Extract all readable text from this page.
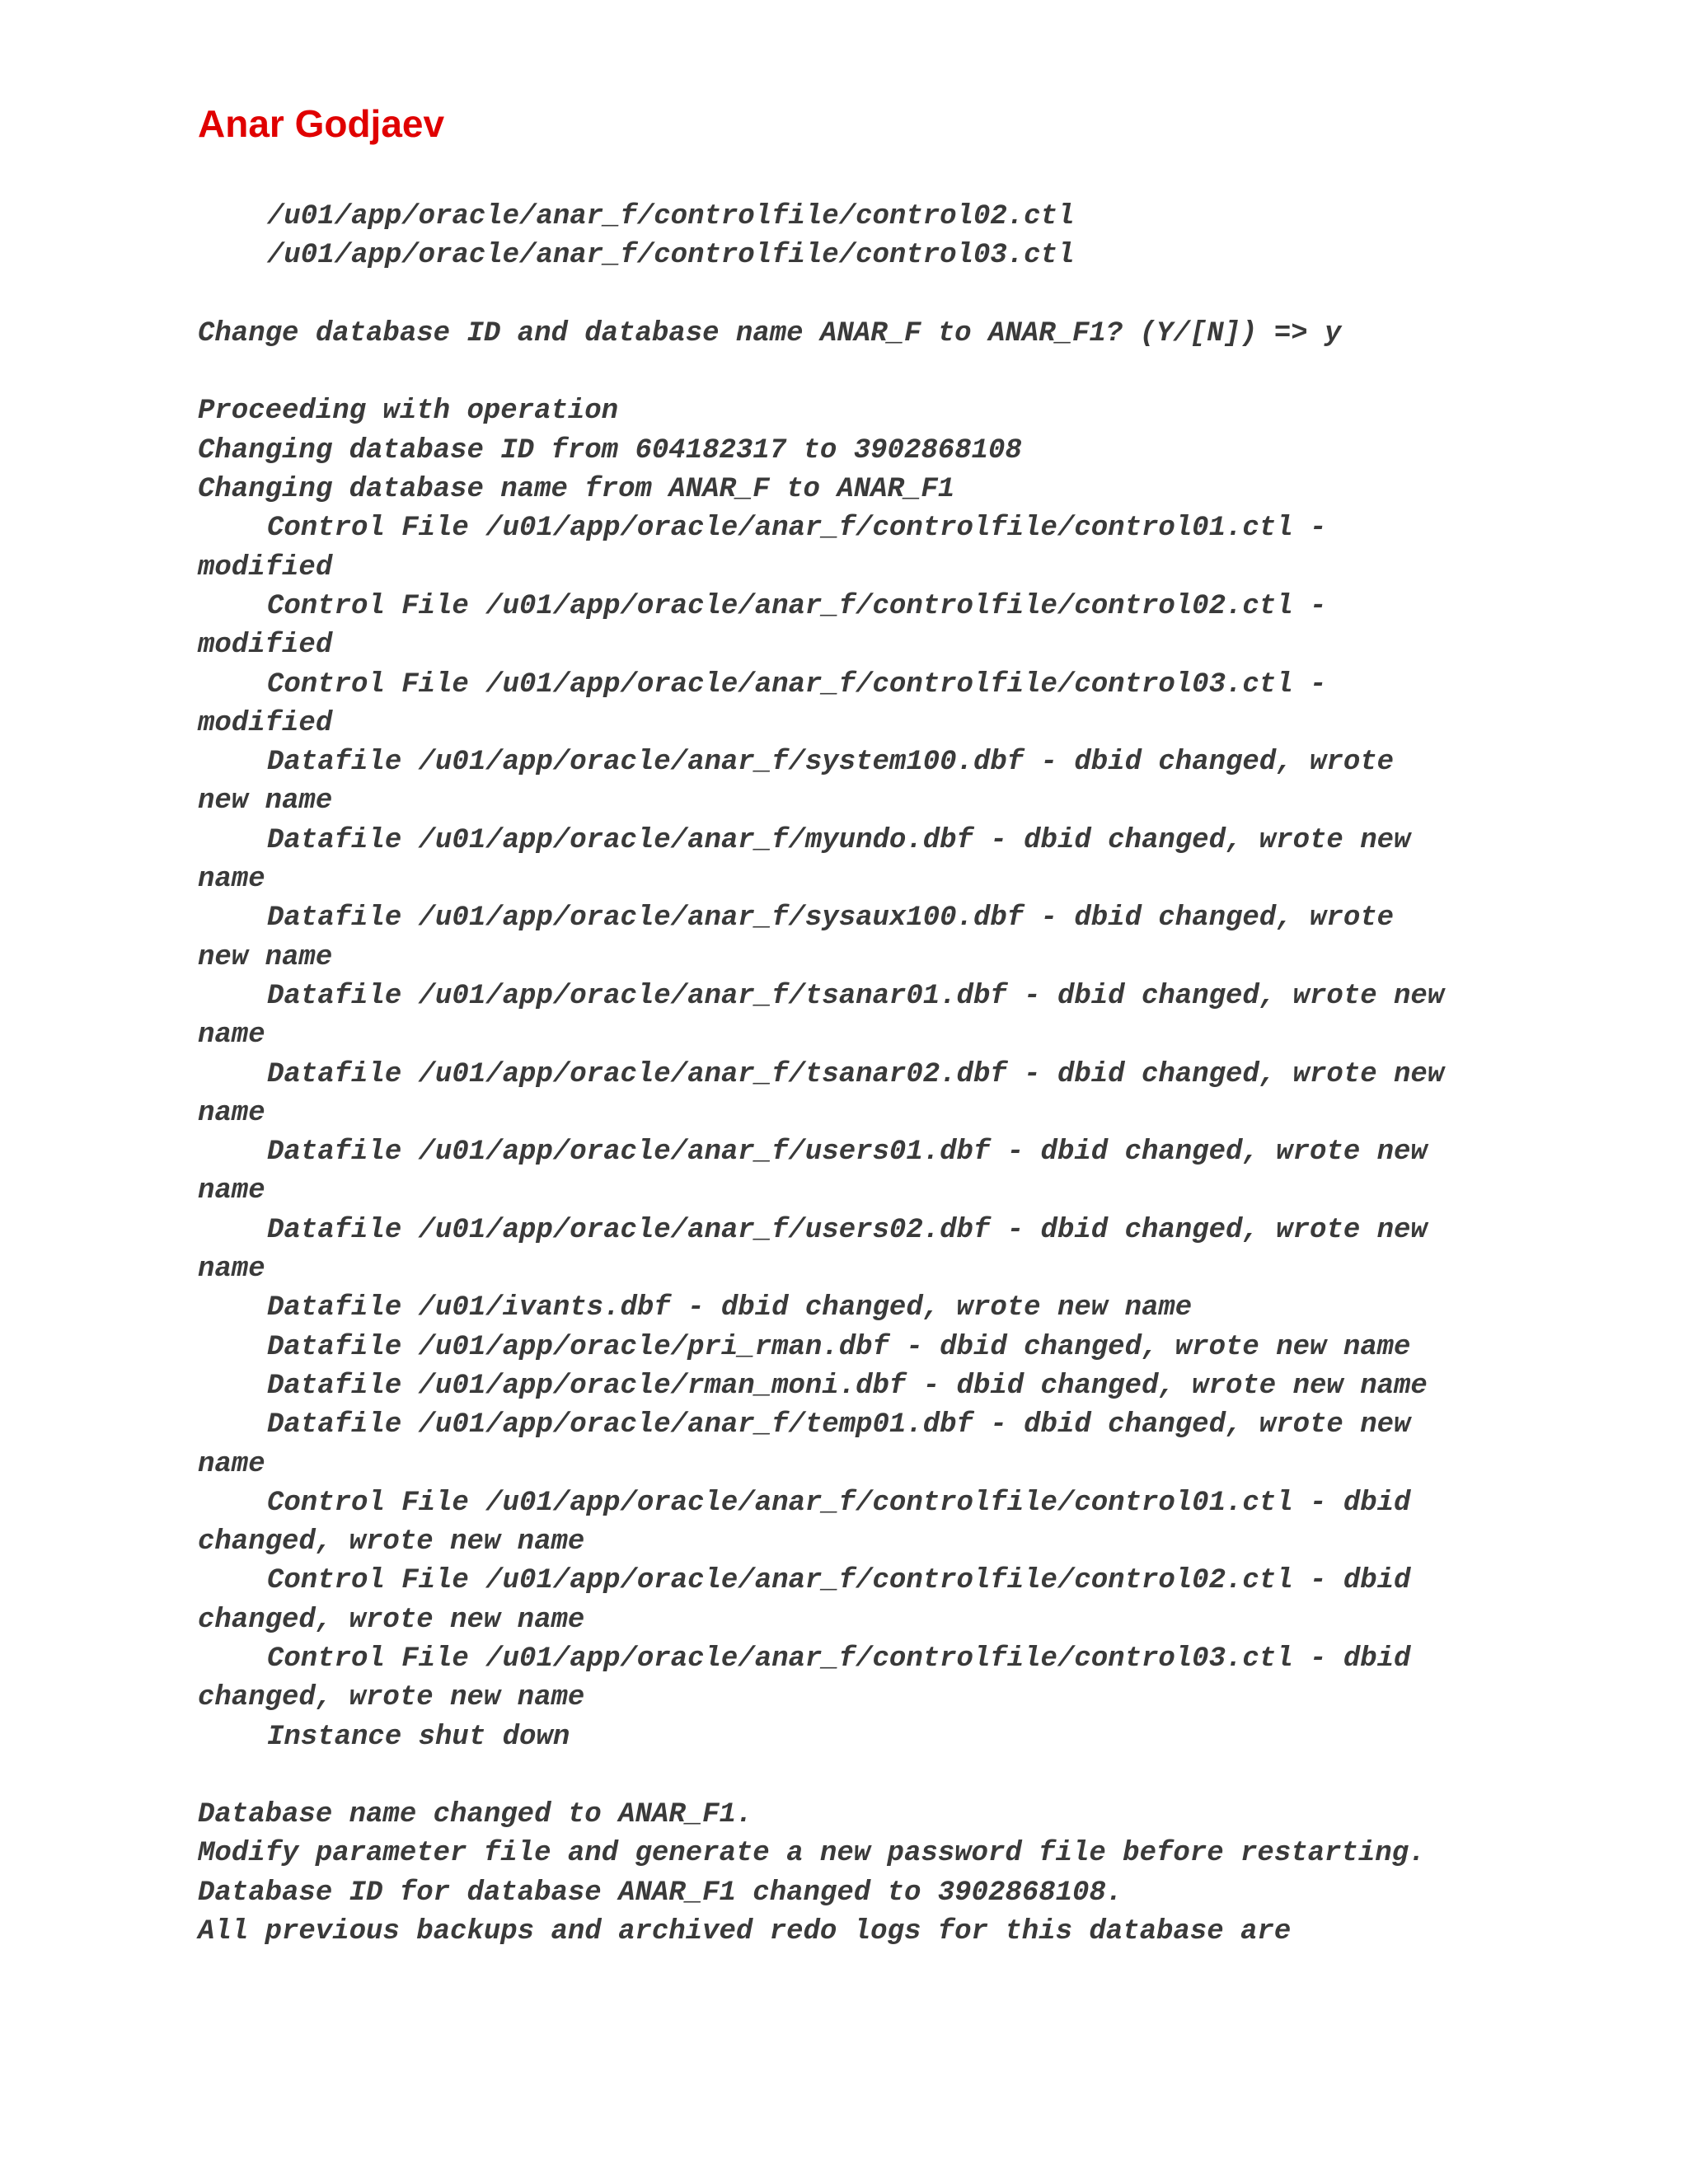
Anar Godjaev
/u01/app/oracle/anar_f/controlfile/control02.ctl
/u01/app/oracle/anar_f/controlfile/control03.ctl
Change database ID and database name ANAR_F to ANAR_F1? (Y/[N]) => y
Proceeding with operation
Changing database ID from 604182317 to 3902868108
Changing database name from ANAR_F to ANAR_F1
Control File /u01/app/oracle/anar_f/controlfile/control01.ctl -
modified
Control File /u01/app/oracle/anar_f/controlfile/control02.ctl -
modified
Control File /u01/app/oracle/anar_f/controlfile/control03.ctl -
modified
Datafile /u01/app/oracle/anar_f/system100.dbf - dbid changed, wrote
new name
Datafile /u01/app/oracle/anar_f/myundo.dbf - dbid changed, wrote new
name
Datafile /u01/app/oracle/anar_f/sysaux100.dbf - dbid changed, wrote
new name
Datafile /u01/app/oracle/anar_f/tsanar01.dbf - dbid changed, wrote new
name
Datafile /u01/app/oracle/anar_f/tsanar02.dbf - dbid changed, wrote new
name
Datafile /u01/app/oracle/anar_f/users01.dbf - dbid changed, wrote new
name
Datafile /u01/app/oracle/anar_f/users02.dbf - dbid changed, wrote new
name
Datafile /u01/ivants.dbf - dbid changed, wrote new name
Datafile /u01/app/oracle/pri_rman.dbf - dbid changed, wrote new name
Datafile /u01/app/oracle/rman_moni.dbf - dbid changed, wrote new name
Datafile /u01/app/oracle/anar_f/temp01.dbf - dbid changed, wrote new
name
Control File /u01/app/oracle/anar_f/controlfile/control01.ctl - dbid
changed, wrote new name
Control File /u01/app/oracle/anar_f/controlfile/control02.ctl - dbid
changed, wrote new name
Control File /u01/app/oracle/anar_f/controlfile/control03.ctl - dbid
changed, wrote new name
Instance shut down
Database name changed to ANAR_F1.
Modify parameter file and generate a new password file before restarting.
Database ID for database ANAR_F1 changed to 3902868108.
All previous backups and archived redo logs for this database are
